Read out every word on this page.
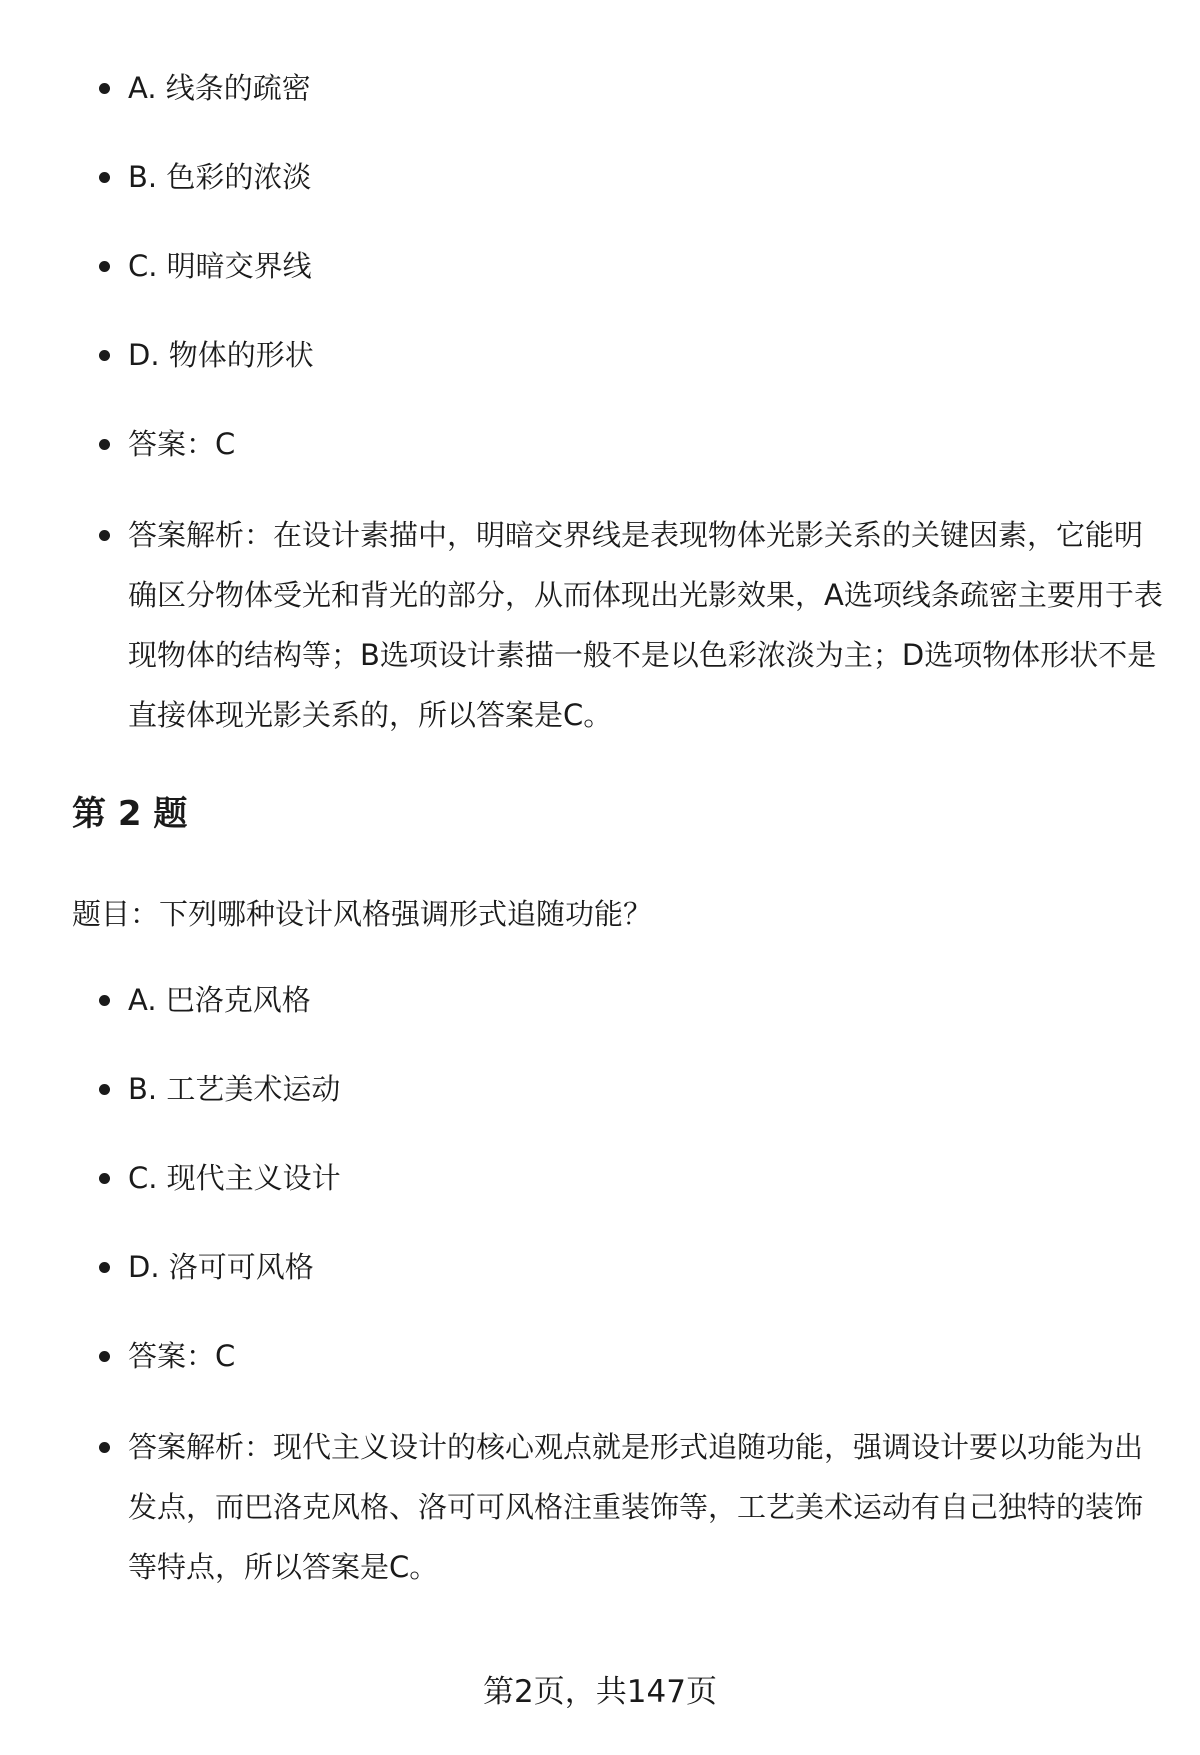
A. 线条的疏密
B. 色彩的浓淡
C. 明暗交界线
D. 物体的形状
答案：C
答案解析：在设计素描中，明暗交界线是表现物体光影关系的关键因素，它能明确区分物体受光和背光的部分，从而体现出光影效果，A选项线条疏密主要用于表现物体的结构等；B选项设计素描一般不是以色彩浓淡为主；D选项物体形状不是直接体现光影关系的，所以答案是C。
第 2 题
题目：下列哪种设计风格强调形式追随功能？
A. 巴洛克风格
B. 工艺美术运动
C. 现代主义设计
D. 洛可可风格
答案：C
答案解析：现代主义设计的核心观点就是形式追随功能，强调设计要以功能为出发点，而巴洛克风格、洛可可风格注重装饰等，工艺美术运动有自己独特的装饰等特点，所以答案是C。
第2页，共147页
